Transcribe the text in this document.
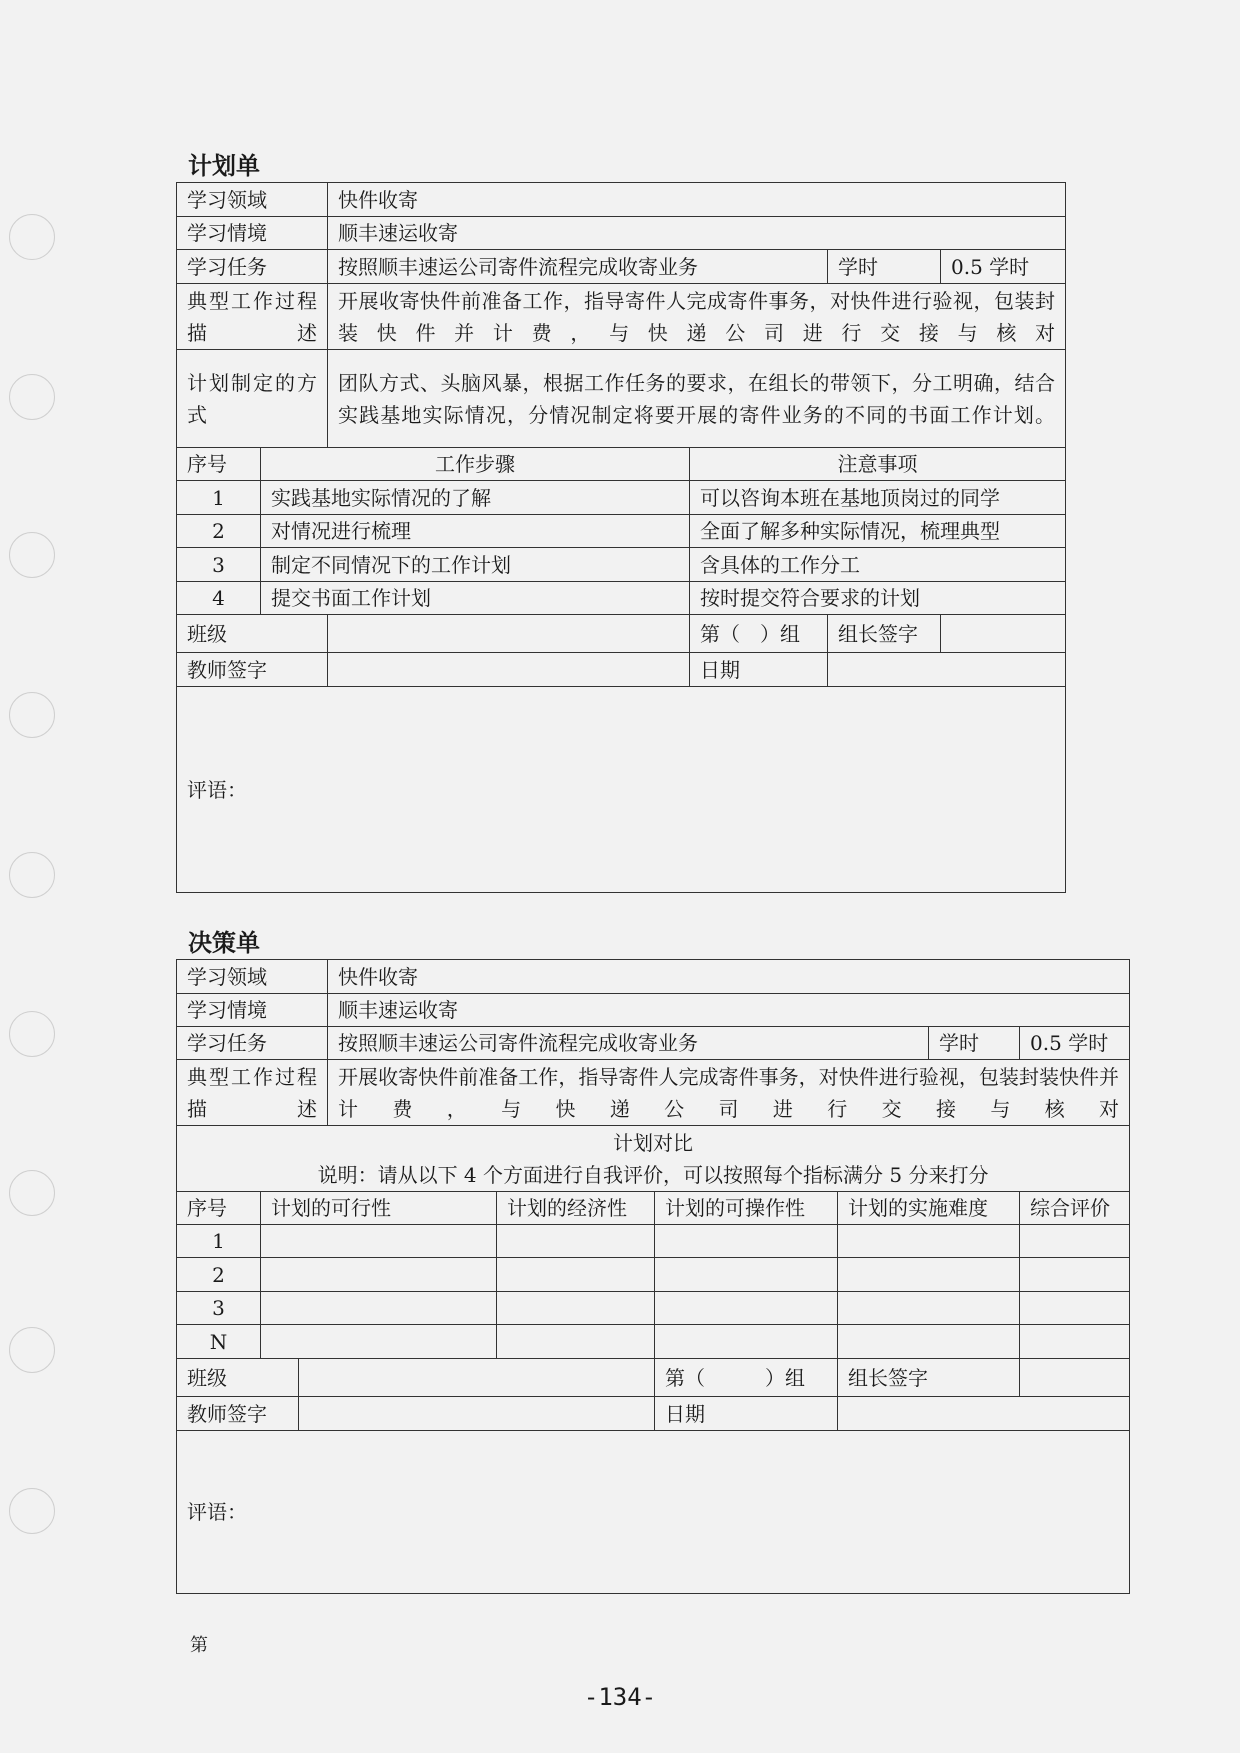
计划单
学习领域		快件收寄			
学习情境		顺丰速运收寄			
学习任务		按照顺丰速运公司寄件流程完成收寄业务		学时	0.5 学时
典型工作过程描述		开展收寄快件前准备工作，指导寄件人完成寄件事务，对快件进行验视，包装封装快件并计费，与快递公司进行交接与核对			
计划制定的方式		团队方式、头脑风暴，根据工作任务的要求，在组长的带领下，分工明确，结合实践基地实际情况，分情况制定将要开展的寄件业务的不同的书面工作计划。			
序号	工作步骤		注意事项		
1	实践基地实际情况的了解		可以咨询本班在基地顶岗过的同学		
2	对情况进行梳理		全面了解多种实际情况，梳理典型		
3	制定不同情况下的工作计划		含具体的工作分工		
4	提交书面工作计划		按时提交符合要求的计划		
班级			第（　）组	组长签字	
教师签字			日期		
评语：					
决策单
学习领域			快件收寄					
学习情境			顺丰速运收寄					
学习任务			按照顺丰速运公司寄件流程完成收寄业务				学时	0.5 学时
典型工作过程描述			开展收寄快件前准备工作，指导寄件人完成寄件事务，对快件进行验视，包装封装快件并计费，与快递公司进行交接与核对					

计划对比
说明：请从以下 4 个方面进行自我评价，可以按照每个指标满分 5 分来打分								

序号	计划的可行性			计划的经济性	计划的可操作性	计划的实施难度		综合评价
1								
2								
3								
N								
班级					第（　　　）组	组长签字		
教师签字					日期			
评语：								
第
-134-
